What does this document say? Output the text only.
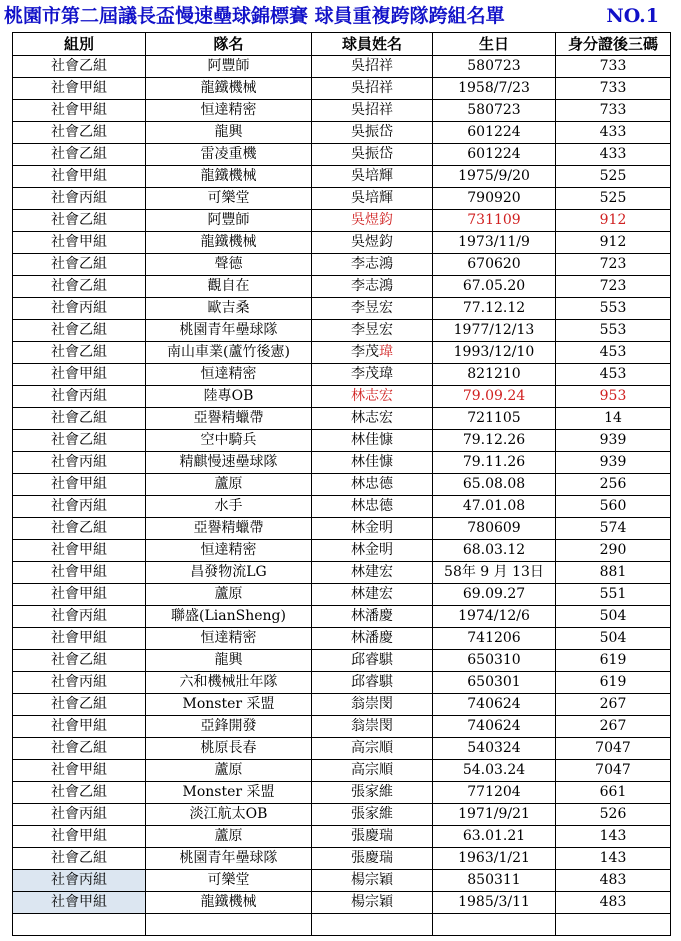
桃園市第二屆議長盃慢速壘球錦標賽 球員重複跨隊跨組名單	NO.1
組別	隊名	球員姓名	生日	身分證後三碼
社會乙組	阿豐師	吳招祥	580723	733
社會甲組	龍鐵機械	吳招祥	1958/7/23	733
社會甲組	恒達精密	吳招祥	580723	733
社會乙組	龍興	吳振岱	601224	433
社會乙組	雷凌重機	吳振岱	601224	433
社會甲組	龍鐵機械	吳培輝	1975/9/20	525
社會丙組	可樂堂	吳培輝	790920	525
社會乙組	阿豐師	吳煜鈞	731109	912
社會甲組	龍鐵機械	吳煜鈞	1973/11/9	912
社會乙組	聲德	李志鴻	670620	723
社會乙組	觀自在	李志鴻	67.05.20	723
社會丙組	歐吉桑	李昱宏	77.12.12	553
社會乙組	桃園青年壘球隊	李昱宏	1977/12/13	553
社會乙組	南山車業(蘆竹後憲)	李茂瑋	1993/12/10	453
社會甲組	恒達精密	李茂瑋	821210	453
社會丙組	陸專OB	林志宏	79.09.24	953
社會乙組	亞譽精蠟帶	林志宏	721105	14
社會乙組	空中騎兵	林佳慷	79.12.26	939
社會丙組	精麒慢速壘球隊	林佳慷	79.11.26	939
社會甲組	蘆原	林忠德	65.08.08	256
社會丙組	水手	林忠德	47.01.08	560
社會乙組	亞譽精蠟帶	林金明	780609	574
社會甲組	恒達精密	林金明	68.03.12	290
社會甲組	昌發物流LG	林建宏	58年 9 月 13日	881
社會甲組	蘆原	林建宏	69.09.27	551
社會丙組	聯盛(LianSheng)	林潘慶	1974/12/6	504
社會甲組	恒達精密	林潘慶	741206	504
社會乙組	龍興	邱睿騏	650310	619
社會丙組	六和機械壯年隊	邱睿騏	650301	619
社會乙組	Monster 采盟	翁崇閔	740624	267
社會甲組	亞鋒開發	翁崇閔	740624	267
社會乙組	桃原長春	高宗順	540324	7047
社會甲組	蘆原	高宗順	54.03.24	7047
社會乙組	Monster 采盟	張家維	771204	661
社會丙組	淡江航太OB	張家維	1971/9/21	526
社會甲組	蘆原	張慶瑞	63.01.21	143
社會乙組	桃園青年壘球隊	張慶瑞	1963/1/21	143
社會丙組	可樂堂	楊宗穎	850311	483
社會甲組	龍鐵機械	楊宗穎	1985/3/11	483
